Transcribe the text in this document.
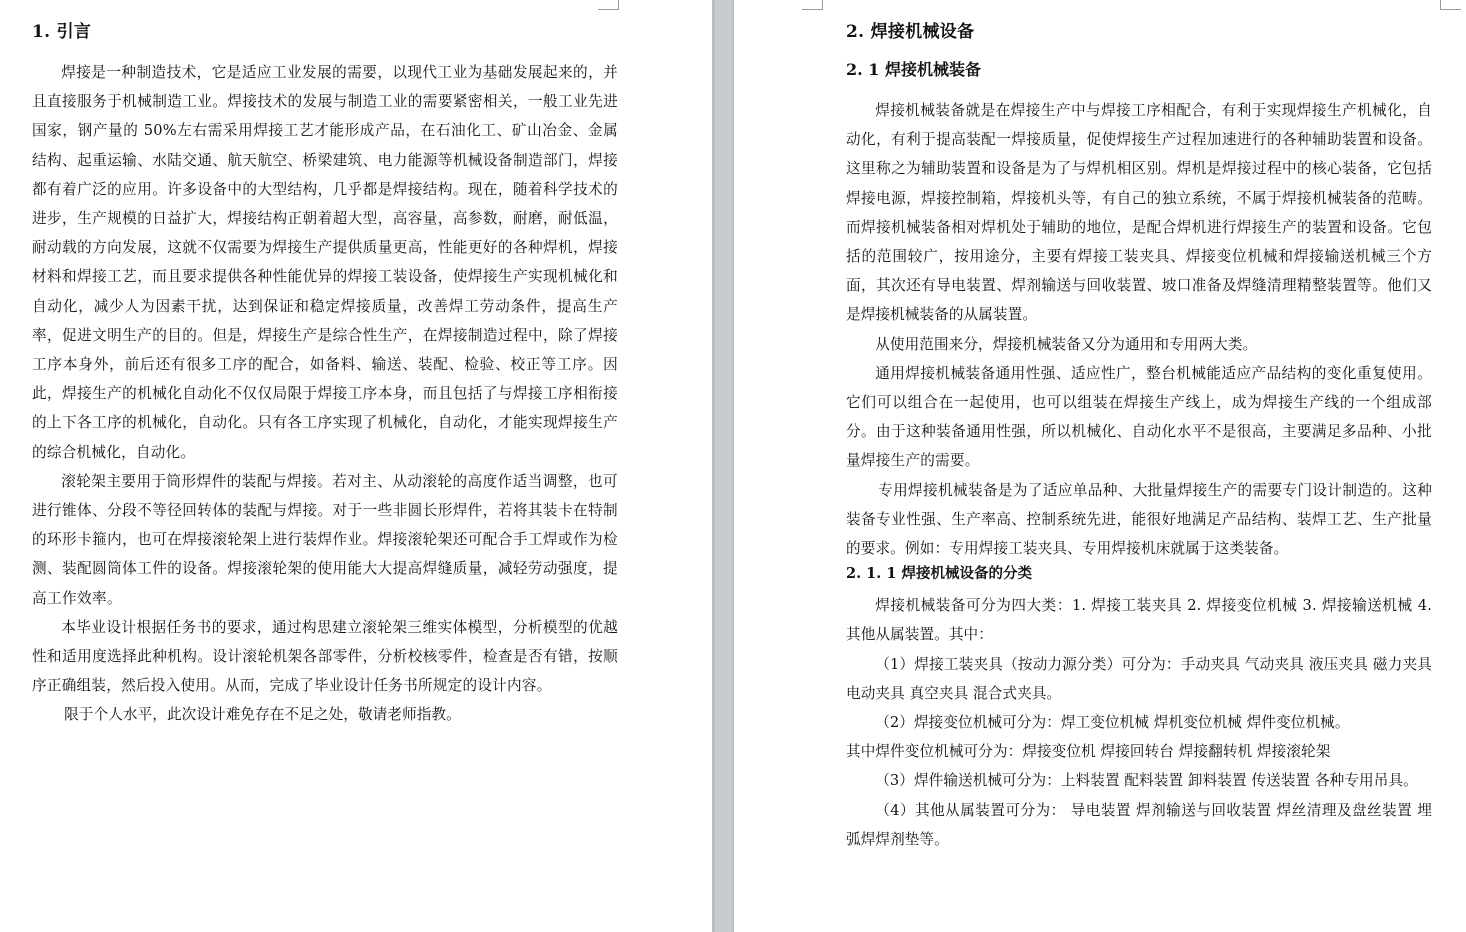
1. 引言

焊接是一种制造技术，它是适应工业发展的需要，以现代工业为基础发展起来的，并且直接服务于机械制造工业。焊接技术的发展与制造工业的需要紧密相关，一般工业先进国家，钢产量的 50%左右需采用焊接工艺才能形成产品，在石油化工、矿山冶金、金属结构、起重运输、水陆交通、航天航空、桥梁建筑、电力能源等机械设备制造部门，焊接都有着广泛的应用。许多设备中的大型结构，几乎都是焊接结构。现在，随着科学技术的进步，生产规模的日益扩大，焊接结构正朝着超大型，高容量，高参数，耐磨，耐低温，耐动载的方向发展，这就不仅需要为焊接生产提供质量更高，性能更好的各种焊机，焊接材料和焊接工艺，而且要求提供各种性能优异的焊接工装设备，使焊接生产实现机械化和自动化，减少人为因素干扰，达到保证和稳定焊接质量，改善焊工劳动条件，提高生产率，促进文明生产的目的。但是，焊接生产是综合性生产，在焊接制造过程中，除了焊接工序本身外，前后还有很多工序的配合，如备料、输送、装配、检验、校正等工序。因此，焊接生产的机械化自动化不仅仅局限于焊接工序本身，而且包括了与焊接工序相衔接的上下各工序的机械化，自动化。只有各工序实现了机械化，自动化，才能实现焊接生产的综合机械化，自动化。

滚轮架主要用于筒形焊件的装配与焊接。若对主、从动滚轮的高度作适当调整，也可进行锥体、分段不等径回转体的装配与焊接。对于一些非圆长形焊件，若将其装卡在特制的环形卡箍内，也可在焊接滚轮架上进行装焊作业。焊接滚轮架还可配合手工焊或作为检测、装配圆筒体工件的设备。焊接滚轮架的使用能大大提高焊缝质量，减轻劳动强度，提高工作效率。

本毕业设计根据任务书的要求，通过构思建立滚轮架三维实体模型，分析模型的优越性和适用度选择此种机构。设计滚轮机架各部零件，分析校核零件，检查是否有错，按顺序正确组装，然后投入使用。从而，完成了毕业设计任务书所规定的设计内容。

限于个人水平，此次设计难免存在不足之处，敬请老师指教。

2. 焊接机械设备
2. 1 焊接机械装备

焊接机械装备就是在焊接生产中与焊接工序相配合，有利于实现焊接生产机械化，自动化，有利于提高装配一焊接质量，促使焊接生产过程加速进行的各种辅助装置和设备。这里称之为辅助装置和设备是为了与焊机相区别。焊机是焊接过程中的核心装备，它包括焊接电源，焊接控制箱，焊接机头等，有自己的独立系统，不属于焊接机械装备的范畴。而焊接机械装备相对焊机处于辅助的地位，是配合焊机进行焊接生产的装置和设备。它包括的范围较广，按用途分，主要有焊接工装夹具、焊接变位机械和焊接输送机械三个方面，其次还有导电装置、焊剂输送与回收装置、坡口准备及焊缝清理精整装置等。他们又是焊接机械装备的从属装置。

从使用范围来分，焊接机械装备又分为通用和专用两大类。

通用焊接机械装备通用性强、适应性广，整台机械能适应产品结构的变化重复使用。它们可以组合在一起使用，也可以组装在焊接生产线上，成为焊接生产线的一个组成部分。由于这种装备通用性强，所以机械化、自动化水平不是很高，主要满足多品种、小批量焊接生产的需要。

专用焊接机械装备是为了适应单品种、大批量焊接生产的需要专门设计制造的。这种装备专业性强、生产率高、控制系统先进，能很好地满足产品结构、装焊工艺、生产批量的要求。例如：专用焊接工装夹具、专用焊接机床就属于这类装备。

2. 1. 1 焊接机械设备的分类

焊接机械装备可分为四大类：1. 焊接工装夹具 2. 焊接变位机械 3. 焊接输送机械 4. 其他从属装置。其中：

（1）焊接工装夹具（按动力源分类）可分为：手动夹具 气动夹具 液压夹具 磁力夹具 电动夹具 真空夹具 混合式夹具。

（2）焊接变位机械可分为：焊工变位机械 焊机变位机械 焊件变位机械。

其中焊件变位机械可分为：焊接变位机 焊接回转台 焊接翻转机 焊接滚轮架

（3）焊件输送机械可分为：上料装置 配料装置 卸料装置 传送装置 各种专用吊具。

（4）其他从属装置可分为： 导电装置 焊剂输送与回收装置 焊丝清理及盘丝装置 埋弧焊焊剂垫等。
